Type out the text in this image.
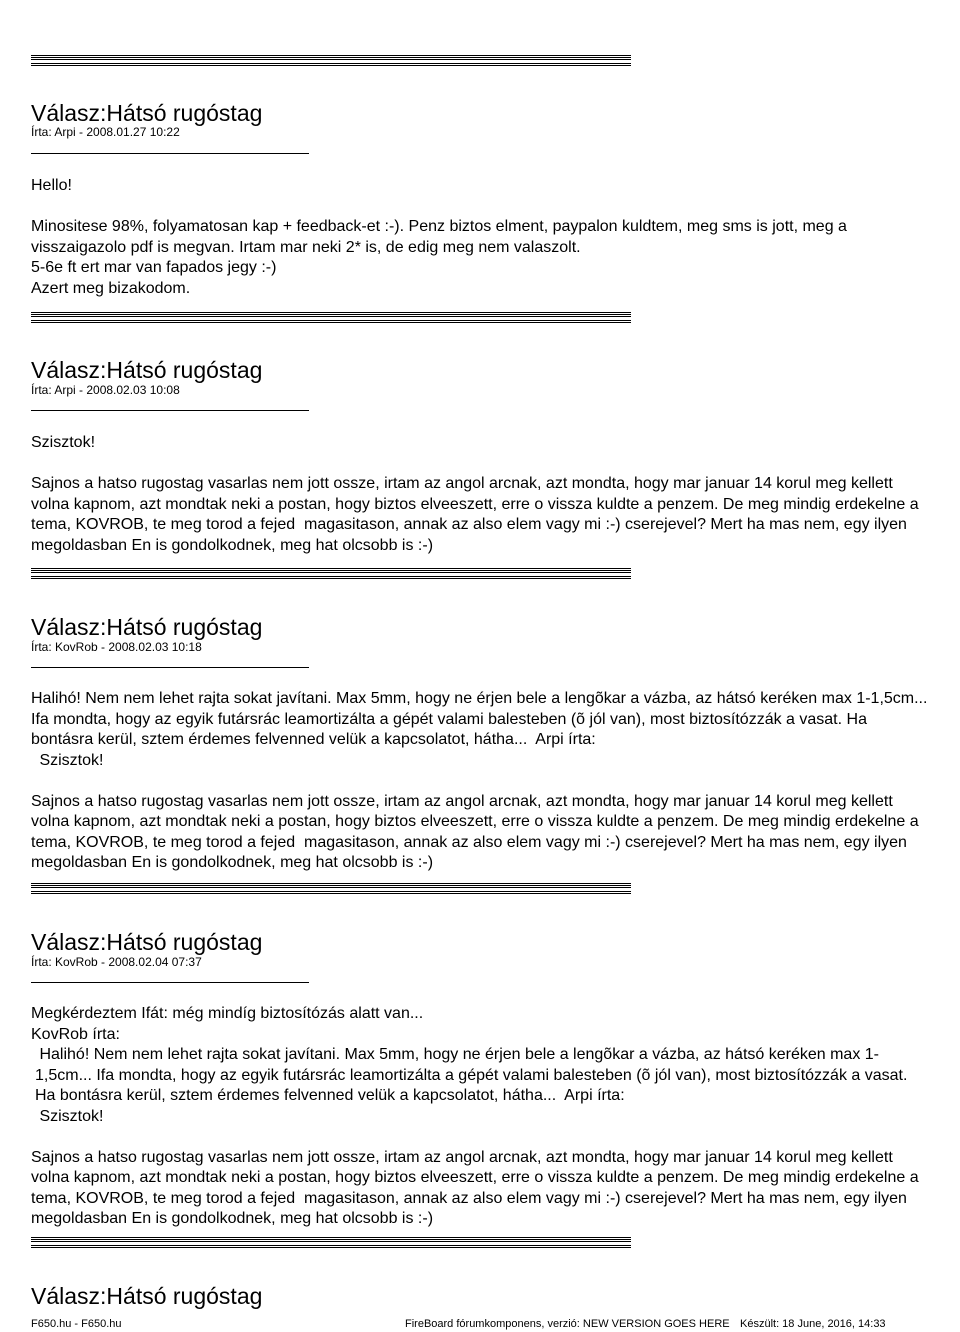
Válasz:Hátsó rugóstag
Írta: Arpi - 2008.01.27 10:22

Hello!

Minositese 98%, folyamatosan kap + feedback-et :-). Penz biztos elment, paypalon kuldtem, meg sms is jott, meg a visszaigazolo pdf is megvan. Irtam mar neki 2* is, de edig meg nem valaszolt.

5-6e ft ert mar van fapados jegy :-)

Azert meg bizakodom.

Válasz:Hátsó rugóstag
Írta: Arpi - 2008.02.03 10:08

Szisztok!

Sajnos a hatso rugostag vasarlas nem jott ossze, irtam az angol arcnak, azt mondta, hogy mar januar 14 korul meg kellett volna kapnom, azt mondtak neki a postan, hogy biztos elveeszett, erre o vissza kuldte a penzem. De meg mindig erdekelne a tema, KOVROB, te meg torod a fejed  magasitason, annak az also elem vagy mi :-) cserejevel? Mert ha mas nem, egy ilyen megoldasban En is gondolkodnek, meg hat olcsobb is :-)

Válasz:Hátsó rugóstag
Írta: KovRob - 2008.02.03 10:18

Halihó! Nem nem lehet rajta sokat javítani. Max 5mm, hogy ne érjen bele a lengõkar a vázba, az hátsó keréken max 1-1,5cm... Ifa mondta, hogy az egyik futársrác leamortizálta a gépét valami balesteben (õ jól van), most biztosítózzák a vasat. Ha bontásra kerül, sztem érdemes felvenned velük a kapcsolatot, hátha...  Arpi írta:

Szisztok!

Sajnos a hatso rugostag vasarlas nem jott ossze, irtam az angol arcnak, azt mondta, hogy mar januar 14 korul meg kellett volna kapnom, azt mondtak neki a postan, hogy biztos elveeszett, erre o vissza kuldte a penzem. De meg mindig erdekelne a tema, KOVROB, te meg torod a fejed  magasitason, annak az also elem vagy mi :-) cserejevel? Mert ha mas nem, egy ilyen megoldasban En is gondolkodnek, meg hat olcsobb is :-)

Válasz:Hátsó rugóstag
Írta: KovRob - 2008.02.04 07:37

Megkérdeztem Ifát: még mindíg biztosítózás alatt van...

KovRob írta:

Halihó! Nem nem lehet rajta sokat javítani. Max 5mm, hogy ne érjen bele a lengõkar a vázba, az hátsó keréken max 1-1,5cm... Ifa mondta, hogy az egyik futársrác leamortizálta a gépét valami balesteben (õ jól van), most biztosítózzák a vasat. Ha bontásra kerül, sztem érdemes felvenned velük a kapcsolatot, hátha...  Arpi írta:

Szisztok!

Sajnos a hatso rugostag vasarlas nem jott ossze, irtam az angol arcnak, azt mondta, hogy mar januar 14 korul meg kellett volna kapnom, azt mondtak neki a postan, hogy biztos elveeszett, erre o vissza kuldte a penzem. De meg mindig erdekelne a tema, KOVROB, te meg torod a fejed  magasitason, annak az also elem vagy mi :-) cserejevel? Mert ha mas nem, egy ilyen megoldasban En is gondolkodnek, meg hat olcsobb is :-)

Válasz:Hátsó rugóstag
F650.hu - F650.hu	FireBoard fórumkomponens, verzió: NEW VERSION GOES HERE Készült: 18 June, 2016, 14:33
